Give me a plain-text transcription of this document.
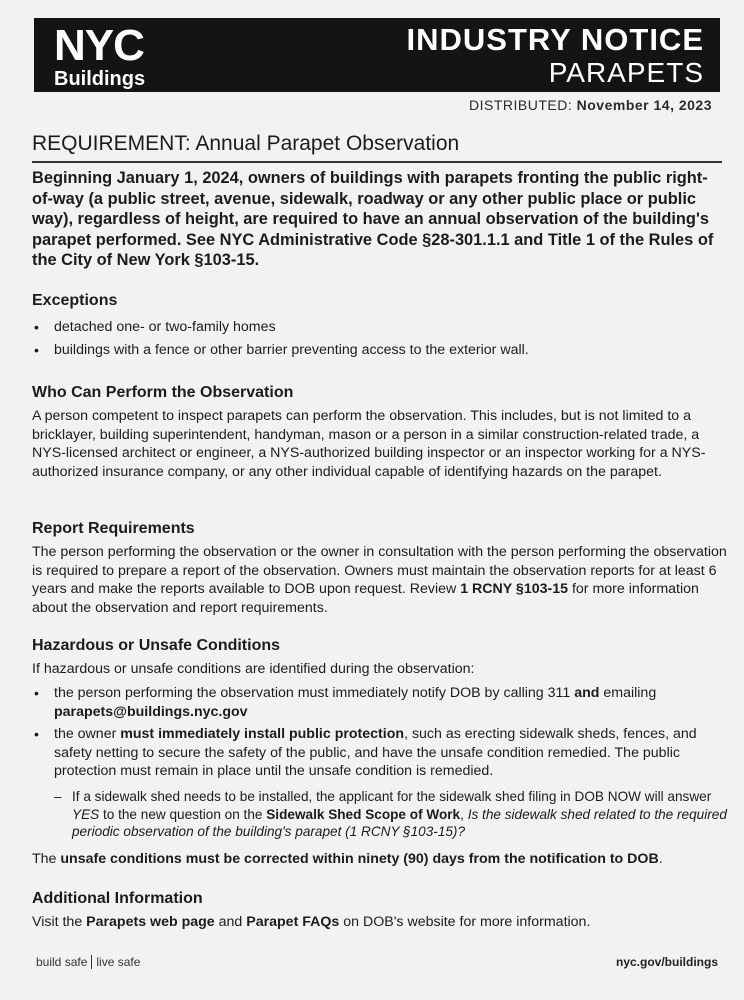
NYC
Buildings
INDUSTRY NOTICE
PARAPETS
DISTRIBUTED: November 14, 2023
REQUIREMENT: Annual Parapet Observation
Beginning January 1, 2024, owners of buildings with parapets fronting the public right-of-way (a public street, avenue, sidewalk, roadway or any other public place or public way), regardless of height, are required to have an annual observation of the building's parapet performed. See NYC Administrative Code §28-301.1.1 and Title 1 of the Rules of the City of New York §103-15.
Exceptions
• detached one- or two-family homes
• buildings with a fence or other barrier preventing access to the exterior wall.
Who Can Perform the Observation
A person competent to inspect parapets can perform the observation. This includes, but is not limited to a bricklayer, building superintendent, handyman, mason or a person in a similar construction-related trade, a NYS-licensed architect or engineer, a NYS-authorized building inspector or an inspector working for a NYS-authorized insurance company, or any other individual capable of identifying hazards on the parapet.
Report Requirements
The person performing the observation or the owner in consultation with the person performing the observation is required to prepare a report of the observation. Owners must maintain the observation reports for at least 6 years and make the reports available to DOB upon request. Review 1 RCNY §103-15 for more information about the observation and report requirements.
Hazardous or Unsafe Conditions
If hazardous or unsafe conditions are identified during the observation:
• the person performing the observation must immediately notify DOB by calling 311 and emailing
parapets@buildings.nyc.gov
• the owner must immediately install public protection, such as erecting sidewalk sheds, fences, and safety netting to secure the safety of the public, and have the unsafe condition remedied. The public protection must remain in place until the unsafe condition is remedied.
– If a sidewalk shed needs to be installed, the applicant for the sidewalk shed filing in DOB NOW will answer YES to the new question on the Sidewalk Shed Scope of Work, Is the sidewalk shed related to the required periodic observation of the building's parapet (1 RCNY §103-15)?
The unsafe conditions must be corrected within ninety (90) days from the notification to DOB.
Additional Information
Visit the Parapets web page and Parapet FAQs on DOB's website for more information.
build safe live safe	nyc.gov/buildings
